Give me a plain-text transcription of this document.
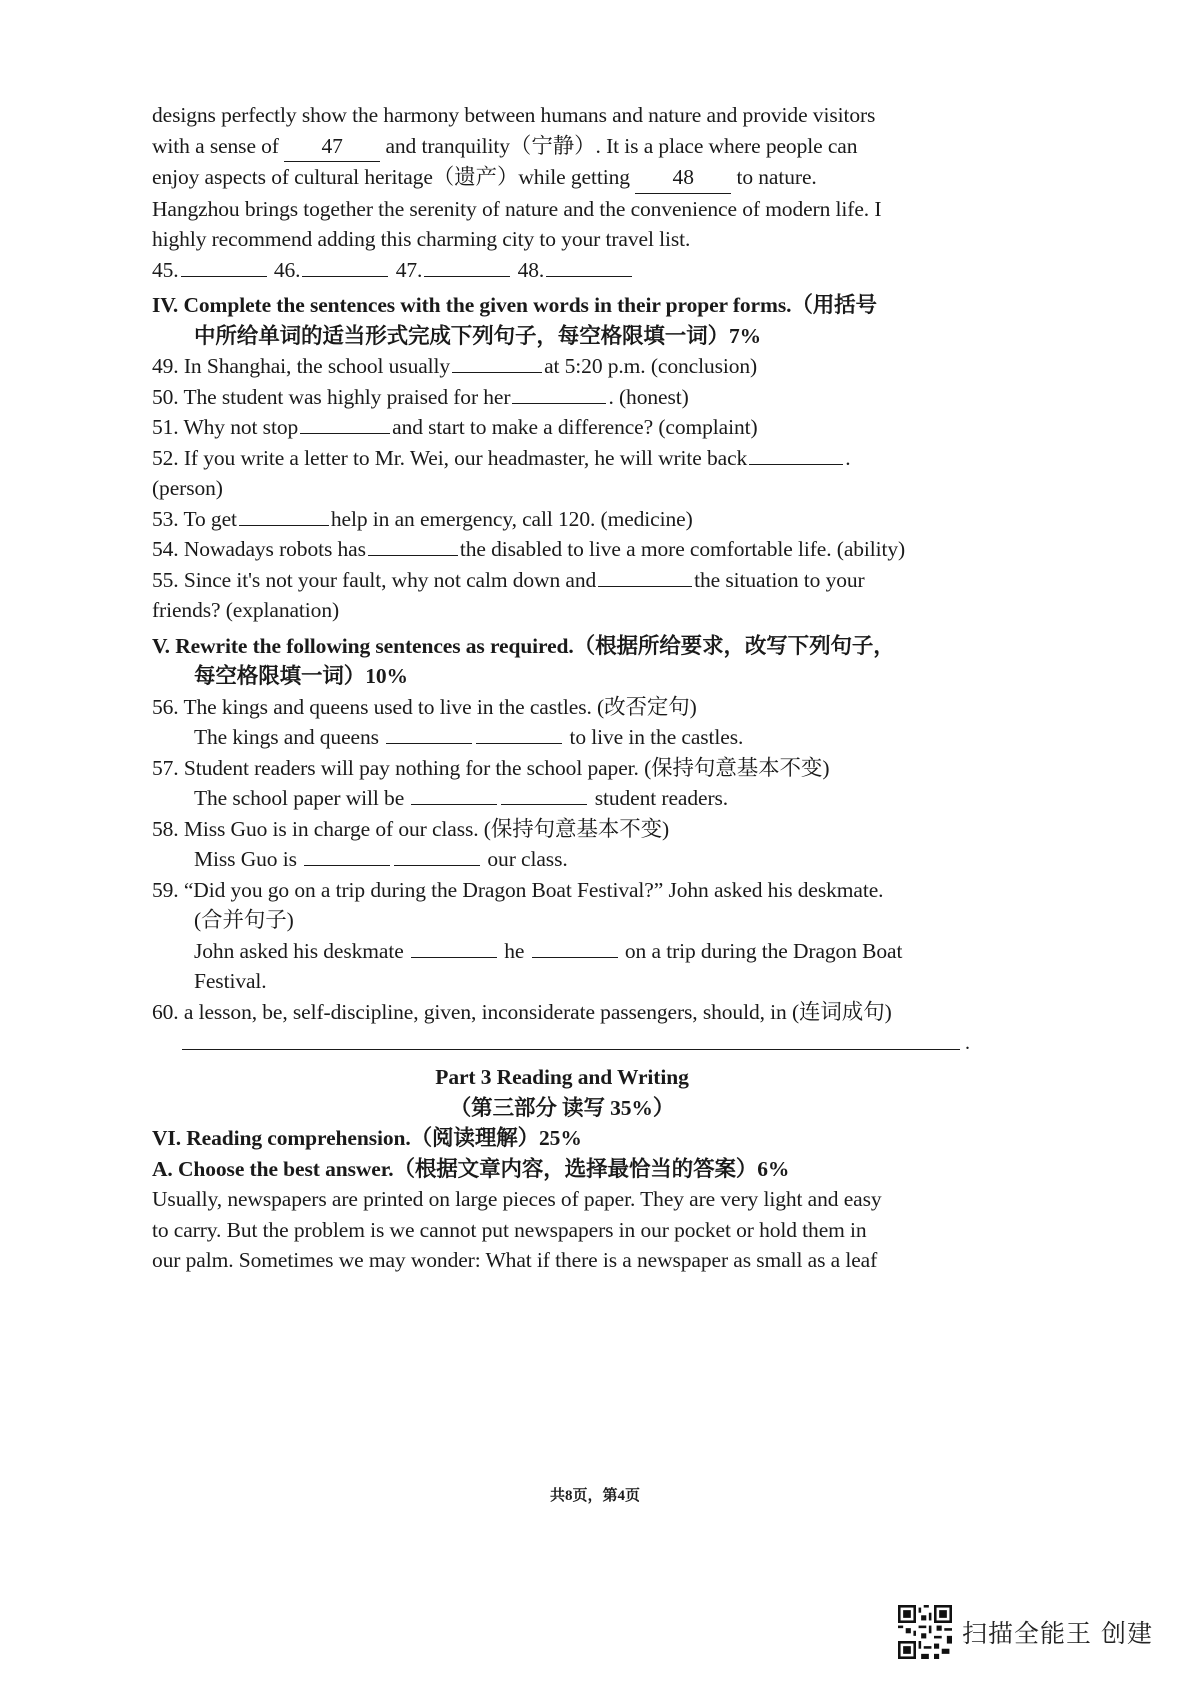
designs perfectly show the harmony between humans and nature and provide visitors
with a sense of 47 and tranquility（宁静）. It is a place where people can
enjoy aspects of cultural heritage（遗产）while getting 48 to nature.
Hangzhou brings together the serenity of nature and the convenience of modern life. I
highly recommend adding this charming city to your travel list.
45.	46.	47.	48.
IV. Complete the sentences with the given words in their proper forms.（用括号
中所给单词的适当形式完成下列句子，每空格限填一词）7%
49. In Shanghai, the school usually	at 5:20 p.m. (conclusion)
50. The student was highly praised for her	. (honest)
51. Why not stop	and start to make a difference? (complaint)
52. If you write a letter to Mr. Wei, our headmaster, he will write back	.
(person)
53. To get	help in an emergency, call 120. (medicine)
54. Nowadays robots has	the disabled to live a more comfortable life. (ability)
55. Since it's not your fault, why not calm down and	the situation to your
friends? (explanation)
V. Rewrite the following sentences as required.（根据所给要求，改写下列句子，
每空格限填一词）10%
56. The kings and queens used to live in the castles. (改否定句)
The kings and queens	to live in the castles.
57. Student readers will pay nothing for the school paper. (保持句意基本不变)
The school paper will be	student readers.
58. Miss Guo is in charge of our class. (保持句意基本不变)
Miss Guo is	our class.
59. “Did you go on a trip during the Dragon Boat Festival?” John asked his deskmate.
(合并句子)
John asked his deskmate	he	on a trip during the Dragon Boat
Festival.
60. a lesson, be, self-discipline, given, inconsiderate passengers, should, in (连词成句)
.
Part 3 Reading and Writing
（第三部分 读写 35%）
VI. Reading comprehension.（阅读理解）25%
A. Choose the best answer.（根据文章内容，选择最恰当的答案）6%
Usually, newspapers are printed on large pieces of paper. They are very light and easy
to carry. But the problem is we cannot put newspapers in our pocket or hold them in
our palm. Sometimes we may wonder: What if there is a newspaper as small as a leaf
共8页，第4页
扫描全能王 创建
